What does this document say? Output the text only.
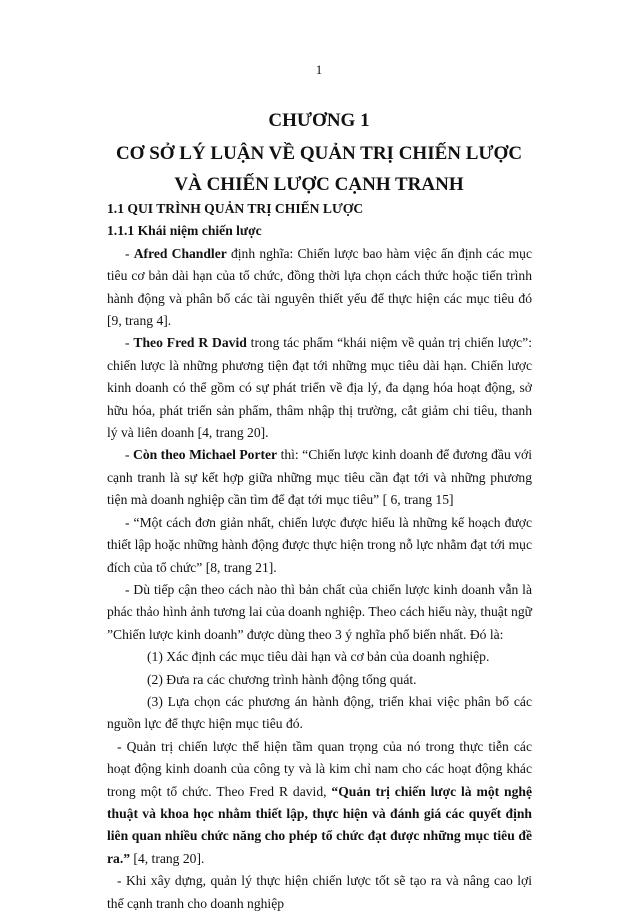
1
CHƯƠNG 1
CƠ SỞ LÝ LUẬN VỀ QUẢN TRỊ CHIẾN LƯỢC
VÀ CHIẾN LƯỢC CẠNH TRANH

1.1 QUI TRÌNH QUẢN TRỊ CHIẾN LƯỢC

1.1.1 Khái niệm chiến lược

- Afred Chandler định nghĩa: Chiến lược bao hàm việc ấn định các mục tiêu cơ bản dài hạn của tổ chức, đồng thời lựa chọn cách thức hoặc tiến trình hành động và phân bổ các tài nguyên thiết yếu để thực hiện các mục tiêu đó [9, trang 4].

- Theo Fred R David trong tác phẩm “khái niệm về quản trị chiến lược”: chiến lược là những phương tiện đạt tới những mục tiêu dài hạn. Chiến lược kinh doanh có thể gồm có sự phát triển về địa lý, đa dạng hóa hoạt động, sở hữu hóa, phát triển sản phẩm, thâm nhập thị trường, cắt giảm chi tiêu, thanh lý và liên doanh [4, trang 20].

- Còn theo Michael Porter thì: “Chiến lược kinh doanh để đương đầu với cạnh tranh là sự kết hợp giữa những mục tiêu cần đạt tới và những phương tiện mà doanh nghiệp cần tìm để đạt tới mục tiêu” [ 6, trang 15]

- “Một cách đơn giản nhất, chiến lược được hiểu là những kế hoạch được thiết lập hoặc những hành động được thực hiện trong nỗ lực nhằm đạt tới mục đích của tổ chức” [8, trang 21].

- Dù tiếp cận theo cách nào thì bản chất của chiến lược kinh doanh vẫn là phác thảo hình ảnh tương lai của doanh nghiệp. Theo cách hiểu này, thuật ngữ ”Chiến lược kinh doanh” được dùng theo 3 ý nghĩa phổ biến nhất. Đó là:

(1) Xác định các mục tiêu dài hạn và cơ bản của doanh nghiệp.

(2) Đưa ra các chương trình hành động tổng quát.

(3) Lựa chọn các phương án hành động, triển khai việc phân bổ các nguồn lực để thực hiện mục tiêu đó.

- Quản trị chiến lược thể hiện tầm quan trọng của nó trong thực tiễn các hoạt động kinh doanh của công ty và là kim chỉ nam cho các hoạt động khác trong một tổ chức. Theo Fred R david, “Quản trị chiến lược là một nghệ thuật và khoa học nhằm thiết lập, thực hiện và đánh giá các quyết định liên quan nhiều chức năng cho phép tổ chức đạt được những mục tiêu đề ra.” [4, trang 20].

- Khi xây dựng, quản lý thực hiện chiến lược tốt sẽ tạo ra và nâng cao lợi thế cạnh tranh cho doanh nghiệp
